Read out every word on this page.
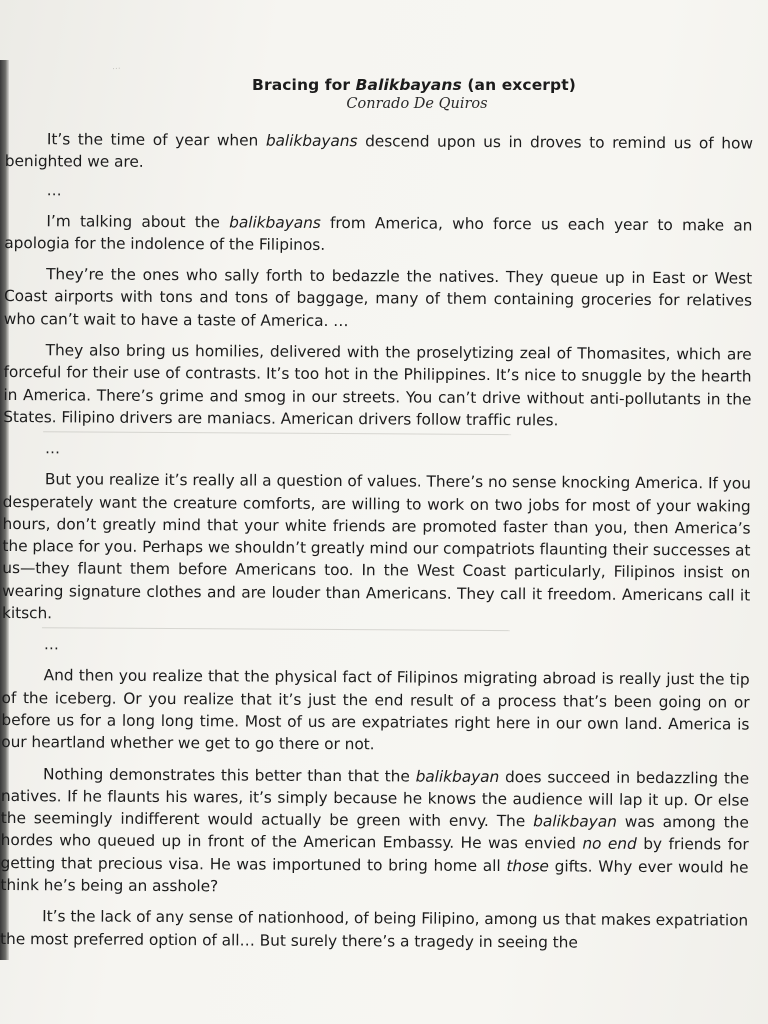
...
Bracing for Balikbayans (an excerpt)
Conrado De Quiros

It’s the time of year when balikbayans descend upon us in droves to remind us of how benighted we are.

…

I’m talking about the balikbayans from America, who force us each year to make an apologia for the indolence of the Filipinos.

They’re the ones who sally forth to bedazzle the natives. They queue up in East or West Coast airports with tons and tons of baggage, many of them containing groceries for relatives who can’t wait to have a taste of America. …

They also bring us homilies, delivered with the proselytizing zeal of Thomasites, which are forceful for their use of contrasts. It’s too hot in the Philippines. It’s nice to snuggle by the hearth in America. There’s grime and smog in our streets. You can’t drive without anti-pollutants in the States. Filipino drivers are maniacs. American drivers follow traffic rules.

…

But you realize it’s really all a question of values. There’s no sense knocking America. If you desperately want the creature comforts, are willing to work on two jobs for most of your waking hours, don’t greatly mind that your white friends are promoted faster than you, then America’s the place for you. Perhaps we shouldn’t greatly mind our compatriots flaunting their successes at us—they flaunt them before Americans too. In the West Coast particularly, Filipinos insist on wearing signature clothes and are louder than Americans. They call it freedom. Americans call it kitsch.

…

And then you realize that the physical fact of Filipinos migrating abroad is really just the tip of the iceberg. Or you realize that it’s just the end result of a process that’s been going on or before us for a long long time. Most of us are expatriates right here in our own land. America is our heartland whether we get to go there or not.

Nothing demonstrates this better than that the balikbayan does succeed in bedazzling the natives. If he flaunts his wares, it’s simply because he knows the audience will lap it up. Or else the seemingly indifferent would actually be green with envy. The balikbayan was among the hordes who queued up in front of the American Embassy. He was envied no end by friends for getting that precious visa. He was importuned to bring home all those gifts. Why ever would he think he’s being an asshole?

It’s the lack of any sense of nationhood, of being Filipino, among us that makes expatriation the most preferred option of all… But surely there’s a tragedy in seeing the
